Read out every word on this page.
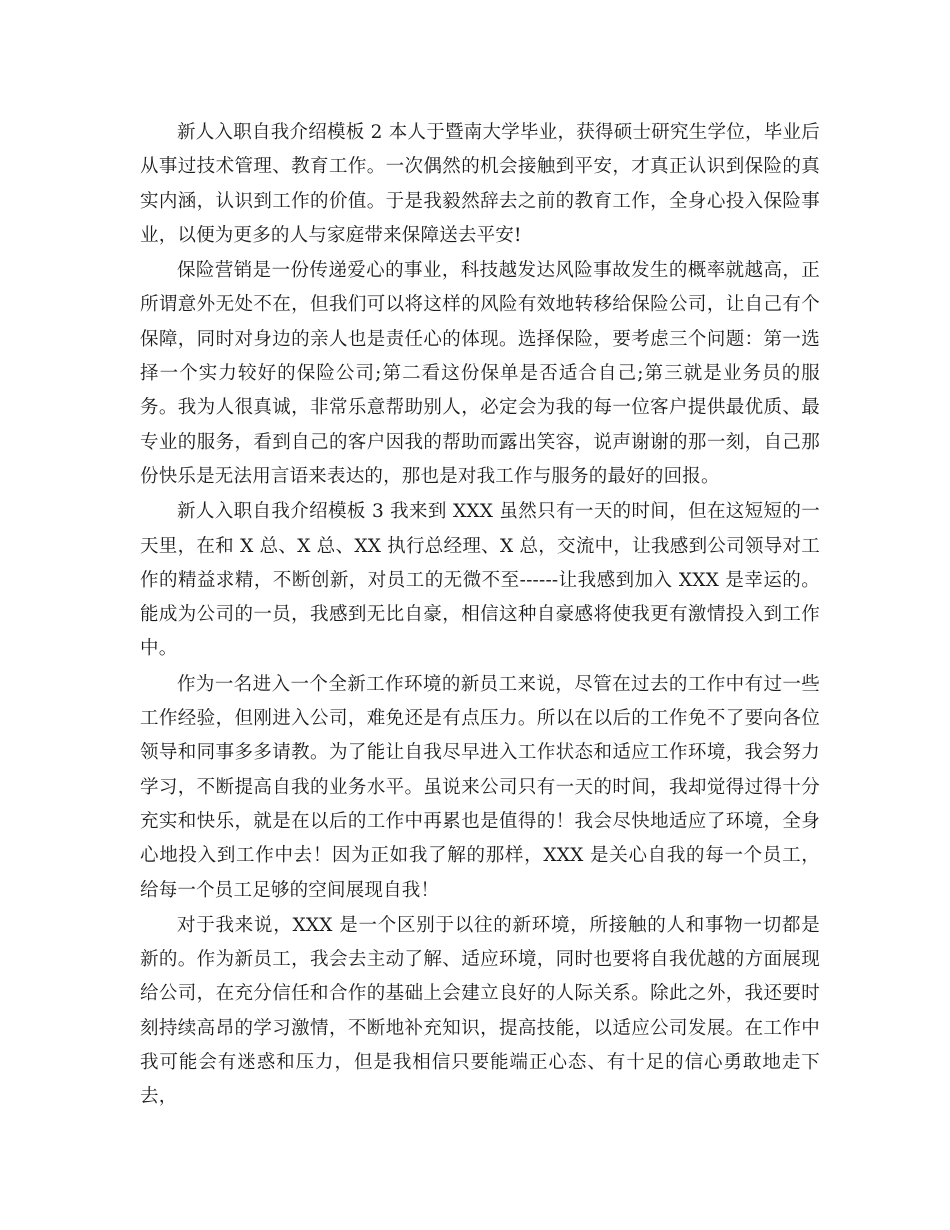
新人入职自我介绍模板 2 本人于暨南大学毕业，获得硕士研究生学位，毕业后从事过技术管理、教育工作。一次偶然的机会接触到平安，才真正认识到保险的真实内涵，认识到工作的价值。于是我毅然辞去之前的教育工作，全身心投入保险事业，以便为更多的人与家庭带来保障送去平安!

保险营销是一份传递爱心的事业，科技越发达风险事故发生的概率就越高，正所谓意外无处不在，但我们可以将这样的风险有效地转移给保险公司，让自己有个保障，同时对身边的亲人也是责任心的体现。选择保险，要考虑三个问题：第一选择一个实力较好的保险公司;第二看这份保单是否适合自己;第三就是业务员的服务。我为人很真诚，非常乐意帮助别人，必定会为我的每一位客户提供最优质、最专业的服务，看到自己的客户因我的帮助而露出笑容，说声谢谢的那一刻，自己那份快乐是无法用言语来表达的，那也是对我工作与服务的最好的回报。

新人入职自我介绍模板 3 我来到 XXX 虽然只有一天的时间，但在这短短的一天里，在和 X 总、X 总、XX 执行总经理、X 总，交流中，让我感到公司领导对工作的精益求精，不断创新，对员工的无微不至------让我感到加入 XXX 是幸运的。能成为公司的一员，我感到无比自豪，相信这种自豪感将使我更有激情投入到工作中。

作为一名进入一个全新工作环境的新员工来说，尽管在过去的工作中有过一些工作经验，但刚进入公司，难免还是有点压力。所以在以后的工作免不了要向各位领导和同事多多请教。为了能让自我尽早进入工作状态和适应工作环境，我会努力学习，不断提高自我的业务水平。虽说来公司只有一天的时间，我却觉得过得十分充实和快乐，就是在以后的工作中再累也是值得的！我会尽快地适应了环境，全身心地投入到工作中去！因为正如我了解的那样，XXX 是关心自我的每一个员工，给每一个员工足够的空间展现自我！

对于我来说，XXX 是一个区别于以往的新环境，所接触的人和事物一切都是新的。作为新员工，我会去主动了解、适应环境，同时也要将自我优越的方面展现给公司，在充分信任和合作的基础上会建立良好的人际关系。除此之外，我还要时刻持续高昂的学习激情，不断地补充知识，提高技能，以适应公司发展。在工作中我可能会有迷惑和压力，但是我相信只要能端正心态、有十足的信心勇敢地走下去，
